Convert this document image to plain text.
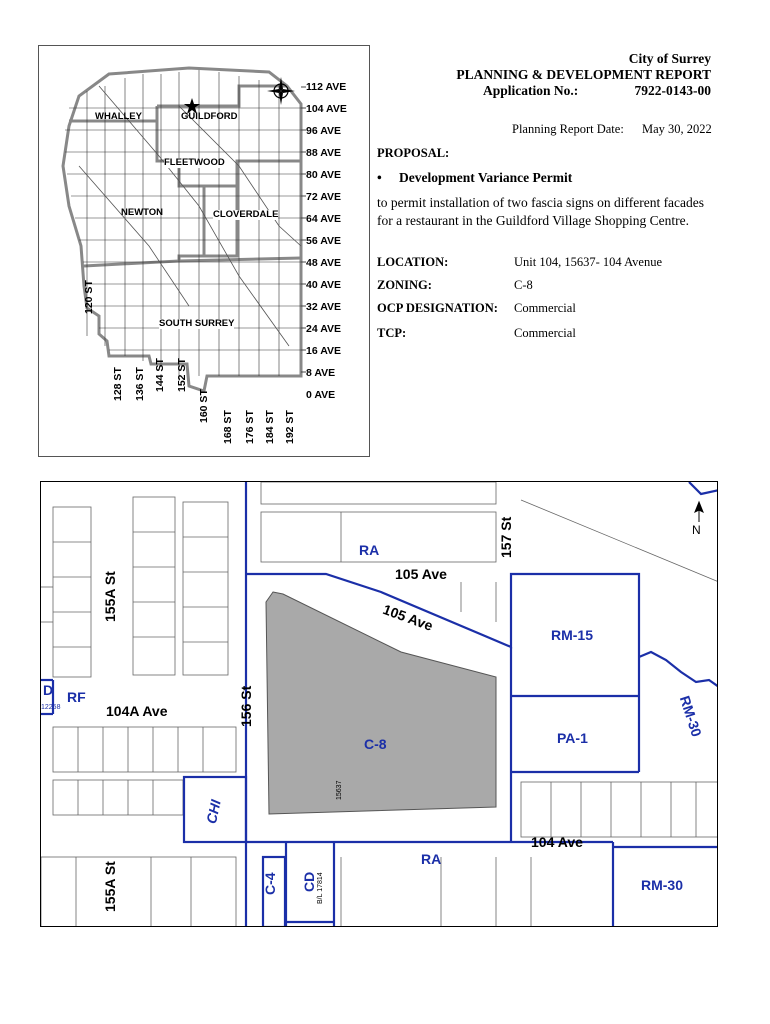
WHALLEY	GUILDFORD
FLEETWOOD
NEWTON	CLOVERDALE
SOUTH SURREY
112 AVE
104 AVE
96 AVE
88 AVE
80 AVE
72 AVE
64 AVE
56 AVE
48 AVE
40 AVE
32 AVE
24 AVE
16 AVE
8 AVE
0 AVE
120 ST
128 ST 136 ST 144 ST 152 ST
160 ST
168 ST 176 ST 184 ST 192 ST
City of Surrey
PLANNING & DEVELOPMENT REPORT
Application No.:	7922-0143-00
Planning Report Date: May 30, 2022
PROPOSAL:
• Development Variance Permit
to permit installation of two fascia signs on different facades for a restaurant in the Guildford Village Shopping Centre.
LOCATION:	Unit 104, 15637- 104 Avenue
ZONING:	C-8
OCP DESIGNATION: Commercial
TCP:	Commercial
155A St
155A St
156 St
157 St
105 Ave
105 Ave
104A Ave
104 Ave
RA
RA
C-8
RM-15
PA-1	RM-30
RM-30
CHI
C-4 CD
RF
D
15637
B/L 17814
12258
N
